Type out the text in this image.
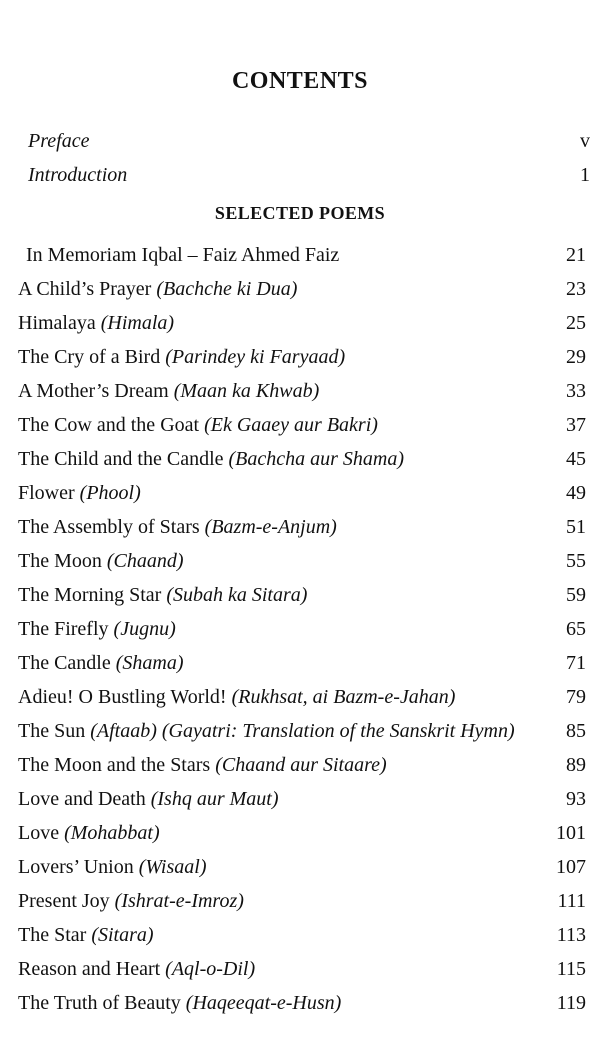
CONTENTS
Preface	v
Introduction	1
SELECTED POEMS
In Memoriam Iqbal – Faiz Ahmed Faiz	21
A Child’s Prayer (Bachche ki Dua)	23
Himalaya (Himala)	25
The Cry of a Bird (Parindey ki Faryaad)	29
A Mother’s Dream (Maan ka Khwab)	33
The Cow and the Goat (Ek Gaaey aur Bakri)	37
The Child and the Candle (Bachcha aur Shama)	45
Flower (Phool)	49
The Assembly of Stars (Bazm-e-Anjum)	51
The Moon (Chaand)	55
The Morning Star (Subah ka Sitara)	59
The Firefly (Jugnu)	65
The Candle (Shama)	71
Adieu! O Bustling World! (Rukhsat, ai Bazm-e-Jahan)	79
The Sun (Aftaab) (Gayatri: Translation of the Sanskrit Hymn)	85
The Moon and the Stars (Chaand aur Sitaare)	89
Love and Death (Ishq aur Maut)	93
Love (Mohabbat)	101
Lovers’ Union (Wisaal)	107
Present Joy (Ishrat-e-Imroz)	111
The Star (Sitara)	113
Reason and Heart (Aql-o-Dil)	115
The Truth of Beauty (Haqeeqat-e-Husn)	119
